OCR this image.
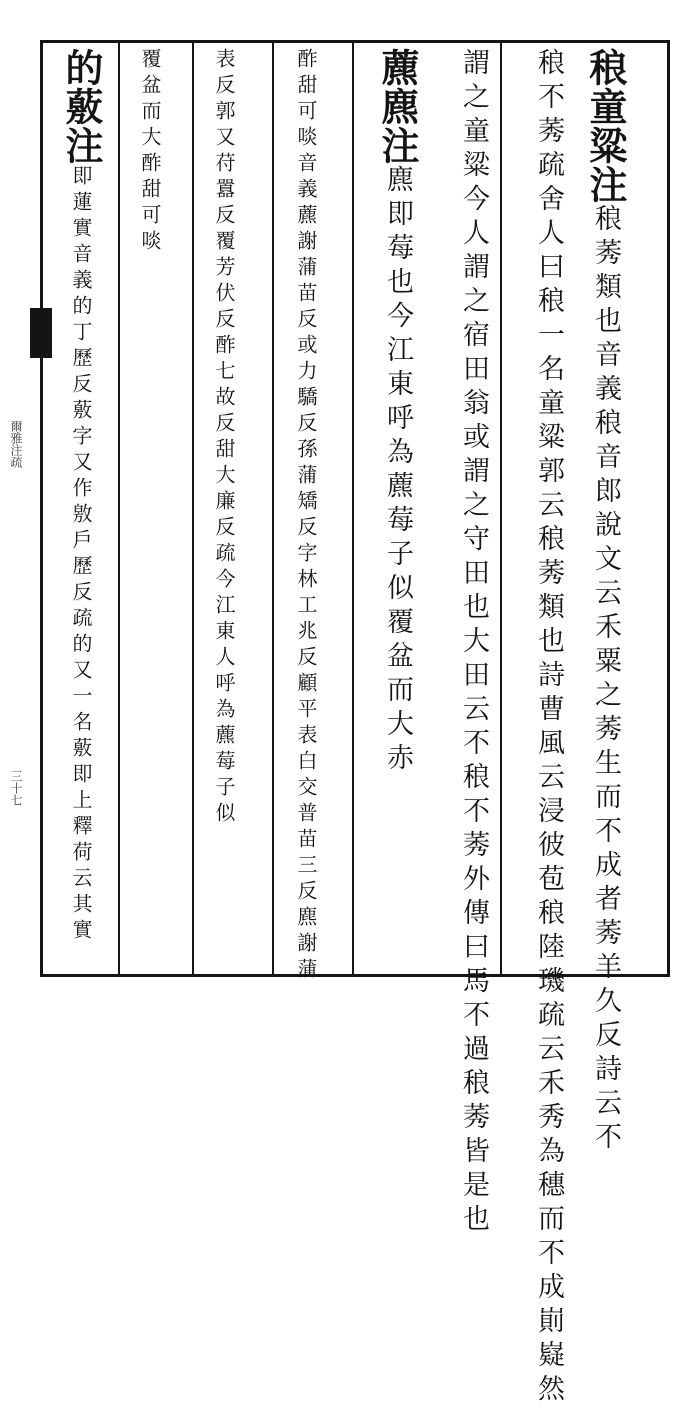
爾雅注疏
三十七
稂童粱注稂莠類也音義稂音郎說文云禾粟之莠生而不成者莠羊久反詩云不
稂不莠疏舍人曰稂一名童粱郭云稂莠類也詩曹風云浸彼苞稂陸璣疏云禾秀為穗而不成崱嶷然
謂之童粱今人謂之宿田翁或謂之守田也大田云不稂不莠外傳曰馬不過稂莠皆是也
藨麃注麃即莓也今江東呼為藨莓子似覆盆而大赤
酢甜可啖音義藨謝蒲苗反或力驕反孫蒲矯反字林工兆反顧平表白交普苗三反麃謝蒲
表反郭又苻囂反覆芳伏反酢七故反甜大廉反疏今江東人呼為藨莓子似
覆盆而大酢甜可啖
的薂注即蓮實音義的丁歷反薂字又作敫戶歷反疏的又一名薂即上釋荷云其實
